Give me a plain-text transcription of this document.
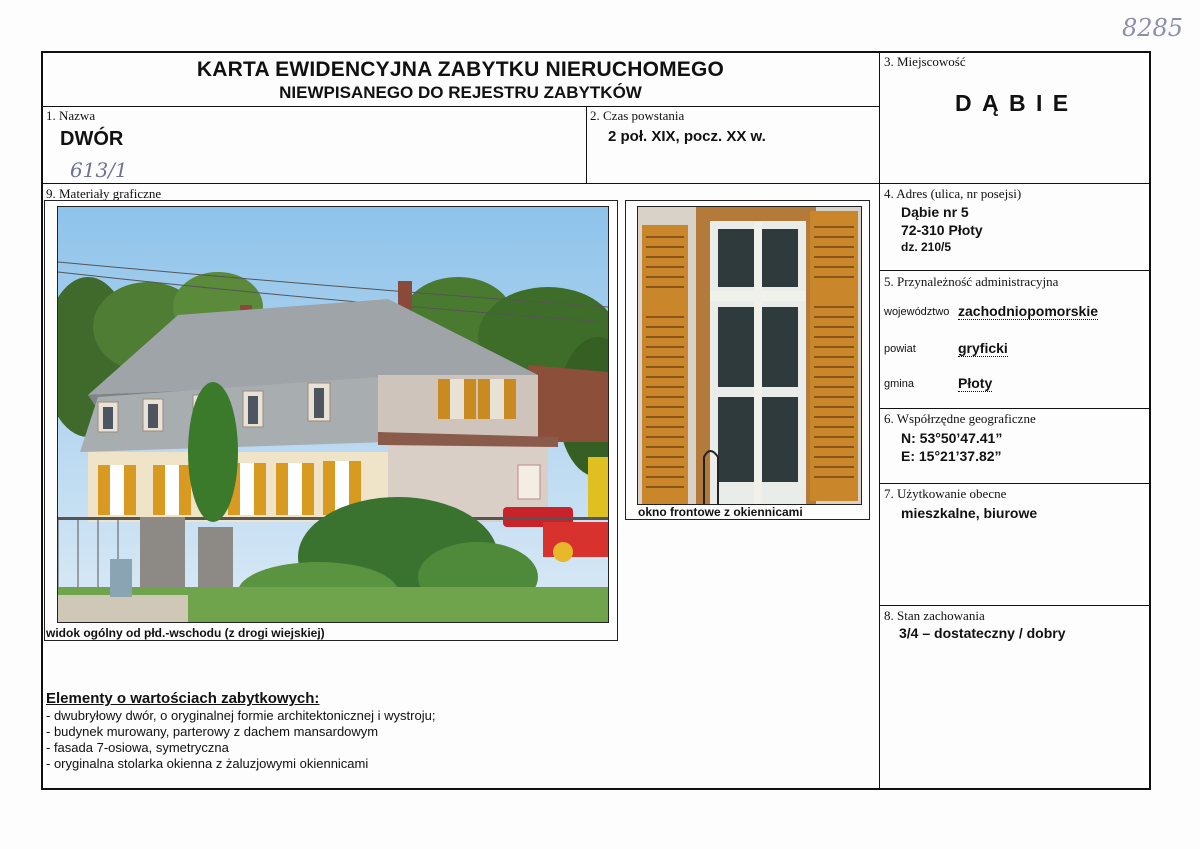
8285
KARTA EWIDENCYJNA ZABYTKU NIERUCHOMEGO
NIEWPISANEGO DO REJESTRU ZABYTKÓW
1. Nazwa
DWÓR
613/1
2. Czas powstania
2 poł. XIX, pocz. XX w.
3. Miejscowość
D Ą B I E
4. Adres (ulica, nr posejsi)
Dąbie nr 5
72-310 Płoty
dz. 210/5
5. Przynależność administracyjna
województwo zachodniopomorskie
powiat	gryficki
gmina	Płoty
6. Współrzędne geograficzne
N: 53°50’47.41”
E: 15°21’37.82”
7. Użytkowanie obecne
mieszkalne, biurowe
8. Stan zachowania
3/4 – dostateczny / dobry
9. Materiały graficzne
widok ogólny od płd.-wschodu (z drogi wiejskiej)
okno frontowe z okiennicami
Elementy o wartościach zabytkowych:
- dwubryłowy dwór, o oryginalnej formie architektonicznej i wystroju;
- budynek murowany, parterowy z dachem mansardowym
- fasada 7-osiowa, symetryczna
- oryginalna stolarka okienna z żaluzjowymi okiennicami
